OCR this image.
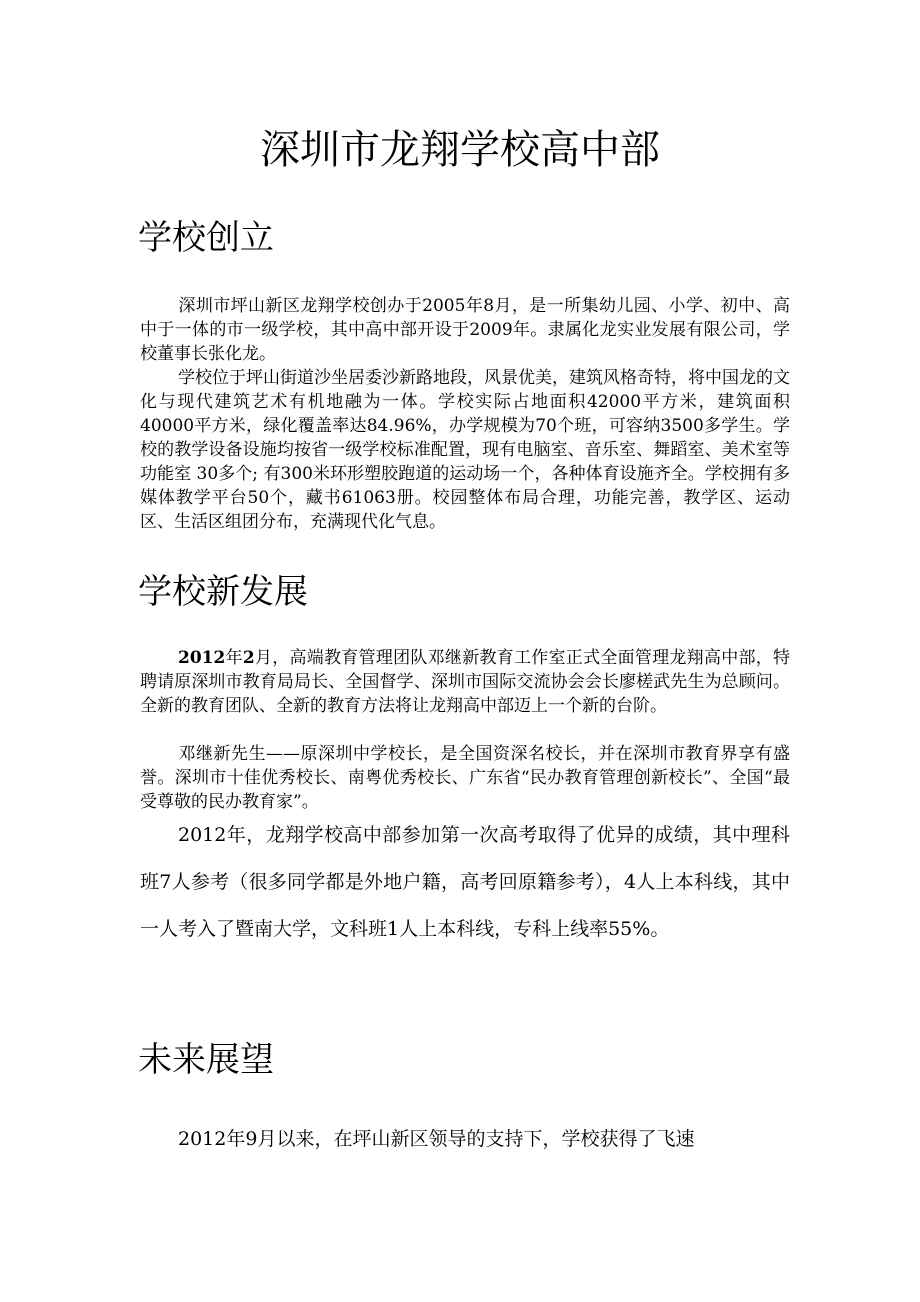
深圳市龙翔学校高中部
学校创立

深圳市坪山新区龙翔学校创办于2005年8月，是一所集幼儿园、小学、初中、高中于一体的市一级学校，其中高中部开设于2009年。隶属化龙实业发展有限公司，学校董事长张化龙。

学校位于坪山街道沙坐居委沙新路地段，风景优美，建筑风格奇特，将中国龙的文化与现代建筑艺术有机地融为一体。学校实际占地面积42000平方米，建筑面积 40000平方米，绿化覆盖率达84.96%，办学规模为70个班，可容纳3500多学生。学校的教学设备设施均按省一级学校标准配置，现有电脑室、音乐室、舞蹈室、美术室等功能室 30多个; 有300米环形塑胶跑道的运动场一个，各种体育设施齐全。学校拥有多媒体教学平台50个，藏书61063册。校园整体布局合理，功能完善，教学区、运动区、生活区组团分布，充满现代化气息。

学校新发展

2012年2月，高端教育管理团队邓继新教育工作室正式全面管理龙翔高中部，特聘请原深圳市教育局局长、全国督学、深圳市国际交流协会会长廖槎武先生为总顾问。全新的教育团队、全新的教育方法将让龙翔高中部迈上一个新的台阶。

邓继新先生——原深圳中学校长，是全国资深名校长，并在深圳市教育界享有盛誉。深圳市十佳优秀校长、南粤优秀校长、广东省“民办教育管理创新校长”、全国“最受尊敬的民办教育家”。

2012年，龙翔学校高中部参加第一次高考取得了优异的成绩，其中理科班7人参考（很多同学都是外地户籍，高考回原籍参考），4人上本科线，其中一人考入了暨南大学，文科班1人上本科线，专科上线率55%。

未来展望

2012年9月以来，在坪山新区领导的支持下，学校获得了飞速
